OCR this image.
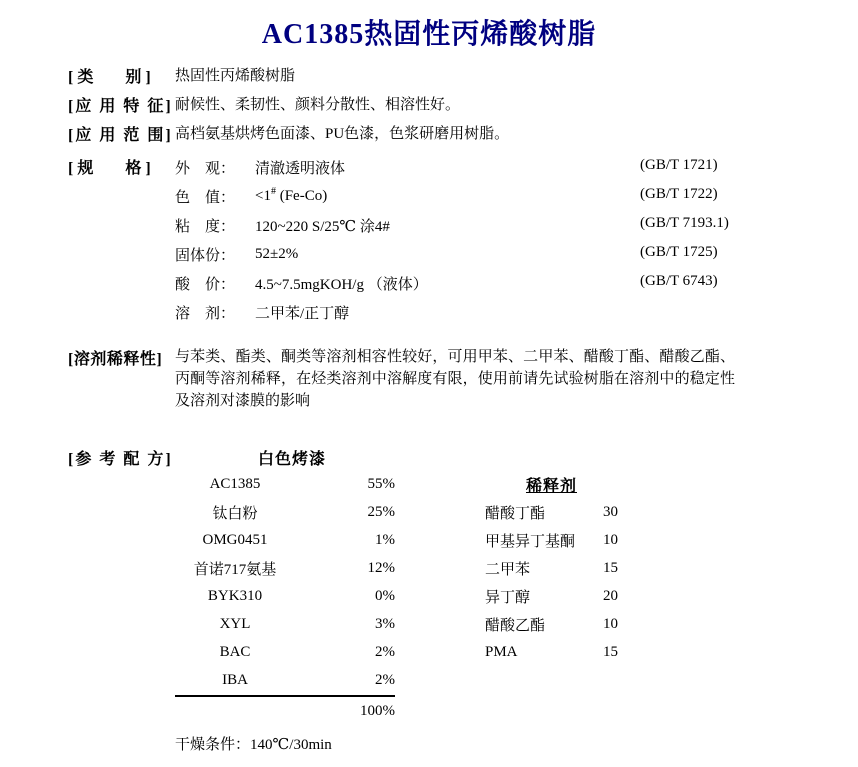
AC1385热固性丙烯酸树脂
[ 类　　别 ]	热固性丙烯酸树脂
[应 用 特 征] 耐候性、柔韧性、颜料分散性、相溶性好。
[应 用 范 围] 高档氨基烘烤色面漆、PU色漆，色浆研磨用树脂。
[ 规　　格 ]	外　观： 清澈透明液体	(GB/T 1721)
色　值： <1# (Fe-Co)	(GB/T 1722)
粘　度： 120~220 S/25℃ 涂4#	(GB/T 7193.1)
固体份： 52±2%	(GB/T 1725)
酸　价： 4.5~7.5mgKOH/g （液体）	(GB/T 6743)
溶　剂： 二甲苯/正丁醇
[溶剂稀释性] 与苯类、酯类、酮类等溶剂相容性较好，可用甲苯、二甲苯、醋酸丁酯、醋酸乙酯、丙酮等溶剂稀释，在烃类溶剂中溶解度有限，使用前请先试验树脂在溶剂中的稳定性及溶剂对漆膜的影响
[参 考 配 方]	白色烤漆
AC1385	55%
钛白粉	25%
OMG0451	1%
首诺717氨基	12%
BYK310	0%
XYL	3%
BAC	2%
IBA	2%
100%
干燥条件：140℃/30min
稀释剂
醋酸丁酯	30
甲基异丁基酮	10
二甲苯	15
异丁醇	20
醋酸乙酯	10
PMA	15
